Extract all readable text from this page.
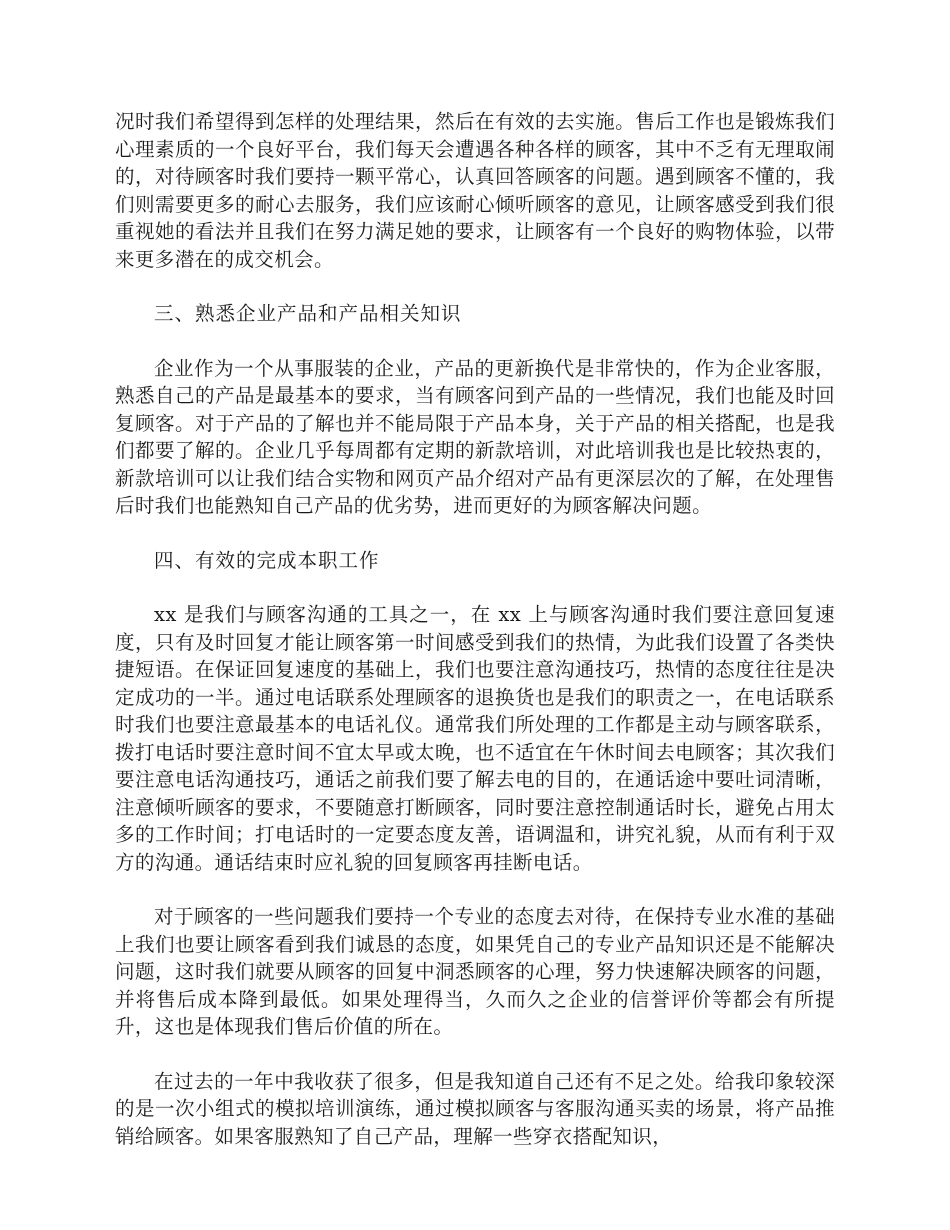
况时我们希望得到怎样的处理结果，然后在有效的去实施。售后工作也是锻炼我们心理素质的一个良好平台，我们每天会遭遇各种各样的顾客，其中不乏有无理取闹的，对待顾客时我们要持一颗平常心，认真回答顾客的问题。遇到顾客不懂的，我们则需要更多的耐心去服务，我们应该耐心倾听顾客的意见，让顾客感受到我们很重视她的看法并且我们在努力满足她的要求，让顾客有一个良好的购物体验，以带来更多潜在的成交机会。

三、熟悉企业产品和产品相关知识

企业作为一个从事服装的企业，产品的更新换代是非常快的，作为企业客服，熟悉自己的产品是最基本的要求，当有顾客问到产品的一些情况，我们也能及时回复顾客。对于产品的了解也并不能局限于产品本身，关于产品的相关搭配，也是我们都要了解的。企业几乎每周都有定期的新款培训，对此培训我也是比较热衷的，新款培训可以让我们结合实物和网页产品介绍对产品有更深层次的了解，在处理售后时我们也能熟知自己产品的优劣势，进而更好的为顾客解决问题。

四、有效的完成本职工作

xx 是我们与顾客沟通的工具之一，在 xx 上与顾客沟通时我们要注意回复速度，只有及时回复才能让顾客第一时间感受到我们的热情，为此我们设置了各类快捷短语。在保证回复速度的基础上，我们也要注意沟通技巧，热情的态度往往是决定成功的一半。通过电话联系处理顾客的退换货也是我们的职责之一，在电话联系时我们也要注意最基本的电话礼仪。通常我们所处理的工作都是主动与顾客联系，拨打电话时要注意时间不宜太早或太晚，也不适宜在午休时间去电顾客；其次我们要注意电话沟通技巧，通话之前我们要了解去电的目的，在通话途中要吐词清晰，注意倾听顾客的要求，不要随意打断顾客，同时要注意控制通话时长，避免占用太多的工作时间；打电话时的一定要态度友善，语调温和，讲究礼貌，从而有利于双方的沟通。通话结束时应礼貌的回复顾客再挂断电话。

对于顾客的一些问题我们要持一个专业的态度去对待，在保持专业水准的基础上我们也要让顾客看到我们诚恳的态度，如果凭自己的专业产品知识还是不能解决问题，这时我们就要从顾客的回复中洞悉顾客的心理，努力快速解决顾客的问题，并将售后成本降到最低。如果处理得当，久而久之企业的信誉评价等都会有所提升，这也是体现我们售后价值的所在。

在过去的一年中我收获了很多，但是我知道自己还有不足之处。给我印象较深的是一次小组式的模拟培训演练，通过模拟顾客与客服沟通买卖的场景，将产品推销给顾客。如果客服熟知了自己产品，理解一些穿衣搭配知识，
